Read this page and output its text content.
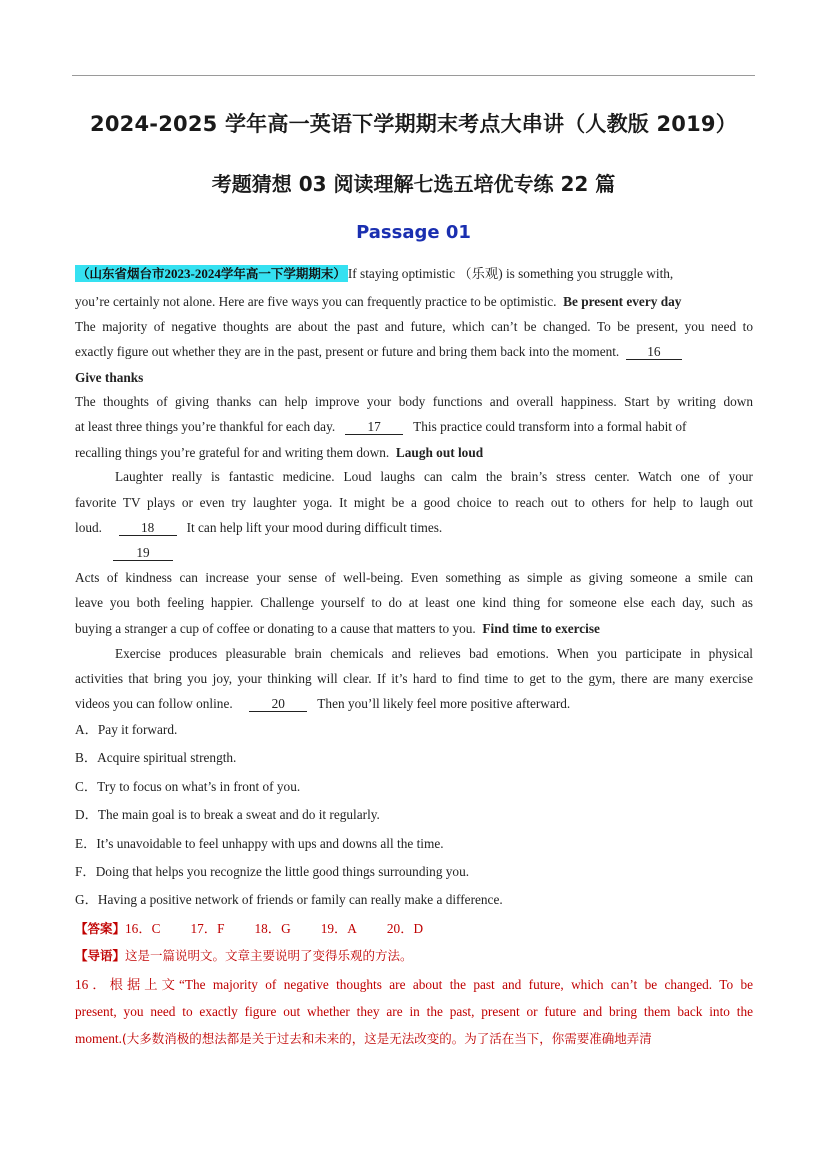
2024-2025 学年高一英语下学期期末考点大串讲（人教版 2019）
考题猜想 03 阅读理解七选五培优专练 22 篇
Passage 01
（山东省烟台市2023-2024学年高一下学期期末） If staying optimistic （乐观) is something you struggle with,
you’re certainly not alone. Here are five ways you can frequently practice to be optimistic. Be present every day
The majority of negative thoughts are about the past and future, which can’t be changed. To be present, you need to
exactly figure out whether they are in the past, present or future and bring them back into the moment. 16
Give thanks
The thoughts of giving thanks can help improve your body functions and overall happiness. Start by writing down
at least three things you’re thankful for each day. 17 This practice could transform into a formal habit of
recalling things you’re grateful for and writing them down. Laugh out loud
Laughter really is fantastic medicine. Loud laughs can calm the brain’s stress center. Watch one of your
favorite TV plays or even try laughter yoga. It might be a good choice to reach out to others for help to laugh out
loud.	18 It can help lift your mood during difficult times.
19
Acts of kindness can increase your sense of well-being. Even something as simple as giving someone a smile can
leave you both feeling happier. Challenge yourself to do at least one kind thing for someone else each day, such as
buying a stranger a cup of coffee or donating to a cause that matters to you. Find time to exercise
Exercise produces pleasurable brain chemicals and relieves bad emotions. When you participate in physical
activities that bring you joy, your thinking will clear. If it’s hard to find time to get to the gym, there are many exercise
videos you can follow online.	20 Then you’ll likely feel more positive afterward.
A．Pay it forward.
B．Acquire spiritual strength.
C．Try to focus on what’s in front of you.
D．The main goal is to break a sweat and do it regularly.
E．It’s unavoidable to feel unhappy with ups and downs all the time.
F．Doing that helps you recognize the little good things surrounding you.
G．Having a positive network of friends or family can really make a difference.
【答案】16．C 17．F 18．G 19．A 20．D
【导语】这是一篇说明文。文章主要说明了变得乐观的方法。
16．根据上文“The majority of negative thoughts are about the past and future, which can’t be changed. To be
present, you need to exactly figure out whether they are in the past, present or future and bring them back into the
moment.(大多数消极的想法都是关于过去和未来的，这是无法改变的。为了活在当下，你需要准确地弄清
